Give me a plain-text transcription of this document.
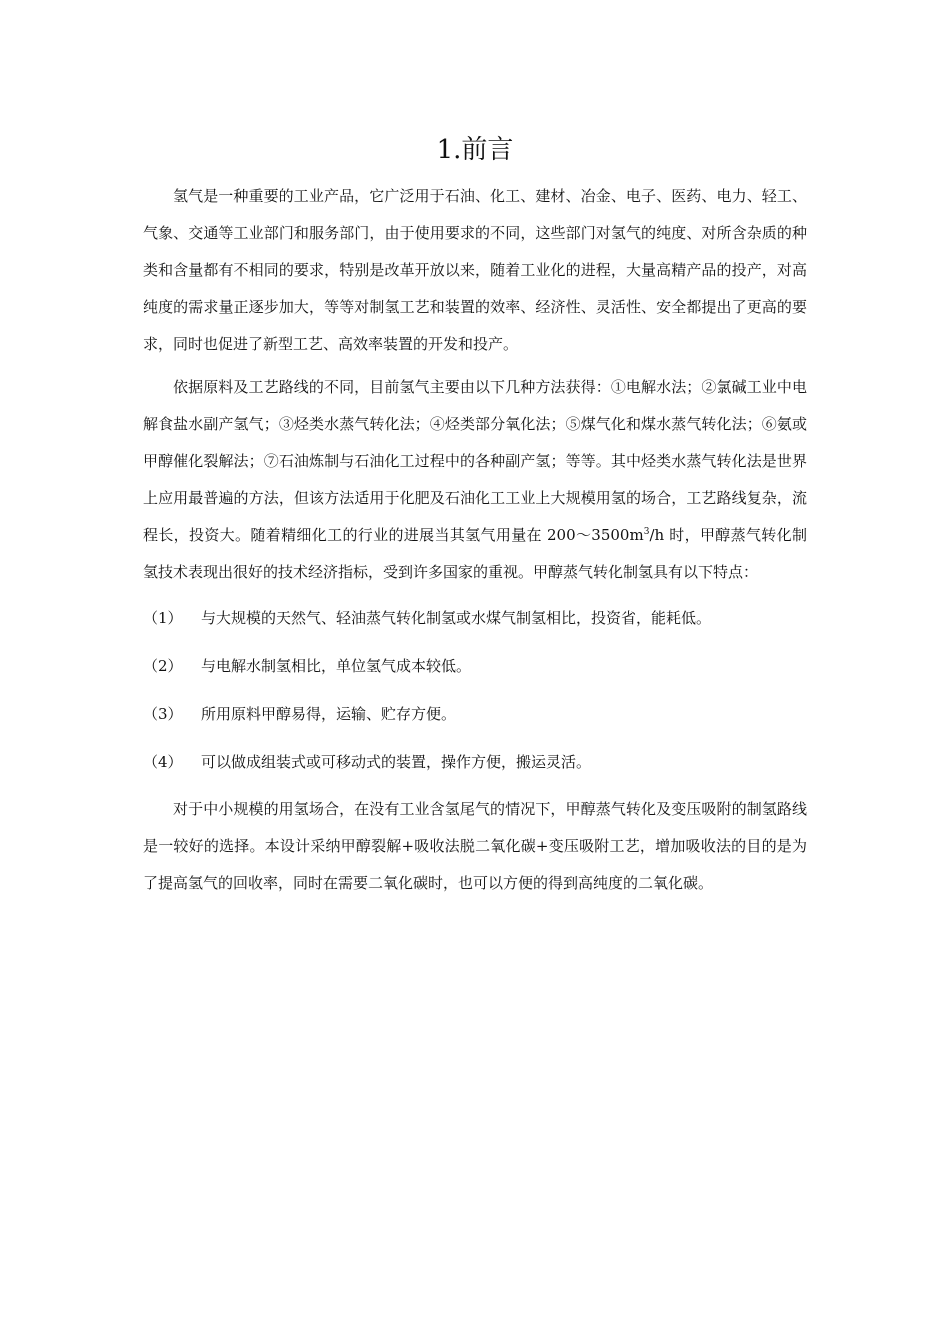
1.前言

氢气是一种重要的工业产品，它广泛用于石油、化工、建材、冶金、电子、医药、电力、轻工、气象、交通等工业部门和服务部门，由于使用要求的不同，这些部门对氢气的纯度、对所含杂质的种类和含量都有不相同的要求，特别是改革开放以来，随着工业化的进程，大量高精产品的投产，对高纯度的需求量正逐步加大，等等对制氢工艺和装置的效率、经济性、灵活性、安全都提出了更高的要求，同时也促进了新型工艺、高效率装置的开发和投产。

依据原料及工艺路线的不同，目前氢气主要由以下几种方法获得：①电解水法；②氯碱工业中电解食盐水副产氢气；③烃类水蒸气转化法；④烃类部分氧化法；⑤煤气化和煤水蒸气转化法；⑥氨或甲醇催化裂解法；⑦石油炼制与石油化工过程中的各种副产氢；等等。其中烃类水蒸气转化法是世界上应用最普遍的方法，但该方法适用于化肥及石油化工工业上大规模用氢的场合，工艺路线复杂，流程长，投资大。随着精细化工的行业的进展当其氢气用量在 $200\sim 3500m^3/h$ 时，甲醇蒸气转化制氢技术表现出很好的技术经济指标，受到许多国家的重视。甲醇蒸气转化制氢具有以下特点：

（1）	与大规模的天然气、轻油蒸气转化制氢或水煤气制氢相比，投资省，能耗低。
（2）	与电解水制氢相比，单位氢气成本较低。
（3）	所用原料甲醇易得，运输、贮存方便。
（4）	可以做成组装式或可移动式的装置，操作方便，搬运灵活。

对于中小规模的用氢场合，在没有工业含氢尾气的情况下，甲醇蒸气转化及变压吸附的制氢路线是一较好的选择。本设计采纳甲醇裂解+吸收法脱二氧化碳+变压吸附工艺，增加吸收法的目的是为了提高氢气的回收率，同时在需要二氧化碳时，也可以方便的得到高纯度的二氧化碳。
